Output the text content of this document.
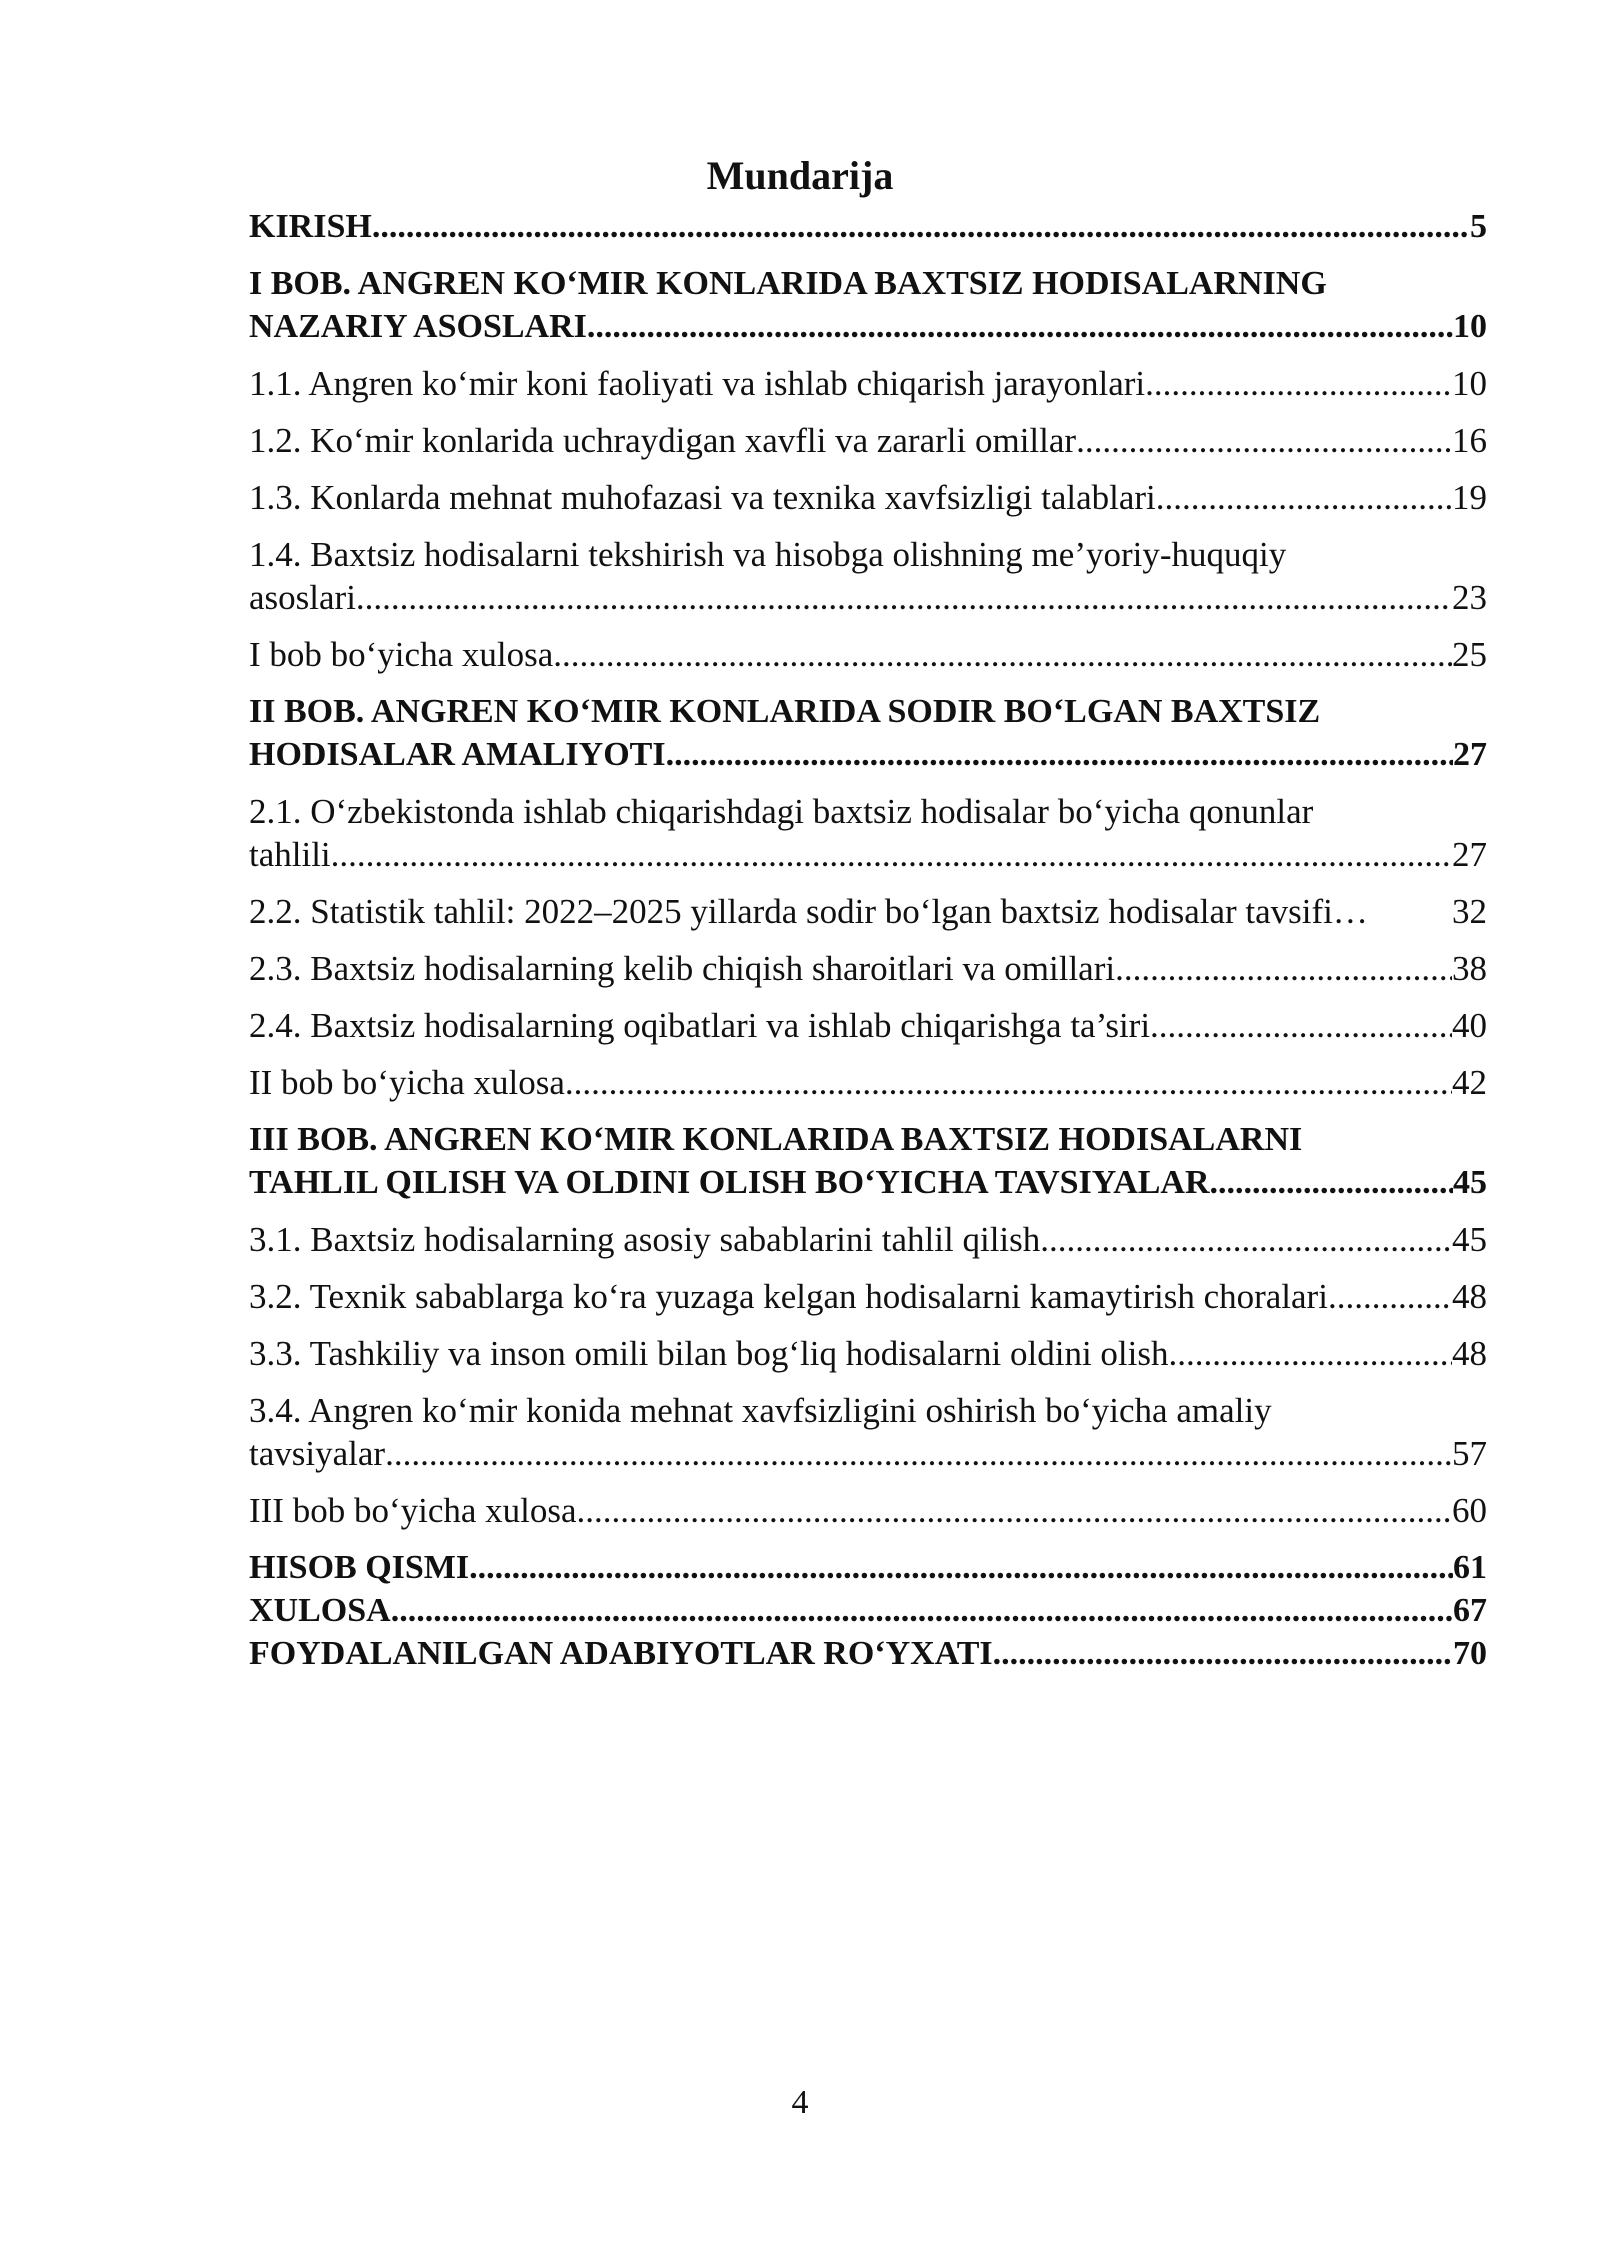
Mundarija
KIRISH .....	5
I BOB. ANGREN KO‘MIR KONLARIDA BAXTSIZ HODISALARNING
NAZARIY ASOSLARI .....	10
1.1. Angren ko‘mir koni faoliyati va ishlab chiqarish jarayonlari .....	10
1.2. Ko‘mir konlarida uchraydigan xavfli va zararli omillar .....	16
1.3. Konlarda mehnat muhofazasi va texnika xavfsizligi talablari .....	19
1.4. Baxtsiz hodisalarni tekshirish va hisobga olishning me’yoriy-huquqiy
asoslari .....	23
I bob bo‘yicha xulosa .....	25
II BOB. ANGREN KO‘MIR KONLARIDA SODIR BO‘LGAN BAXTSIZ
HODISALAR AMALIYOTI .....	27
2.1. O‘zbekistonda ishlab chiqarishdagi baxtsiz hodisalar bo‘yicha qonunlar
tahlili .....	27
2.2. Statistik tahlil: 2022–2025 yillarda sodir bo‘lgan baxtsiz hodisalar tavsifi …	32
2.3. Baxtsiz hodisalarning kelib chiqish sharoitlari va omillari .....	38
2.4. Baxtsiz hodisalarning oqibatlari va ishlab chiqarishga ta’siri .....	40
II bob bo‘yicha xulosa .....	42
III BOB. ANGREN KO‘MIR KONLARIDA BAXTSIZ HODISALARNI
TAHLIL QILISH VA OLDINI OLISH BO‘YICHA TAVSIYALAR .....	45
3.1. Baxtsiz hodisalarning asosiy sabablarini tahlil qilish .....	45
3.2. Texnik sabablarga ko‘ra yuzaga kelgan hodisalarni kamaytirish choralari .....	48
3.3. Tashkiliy va inson omili bilan bog‘liq hodisalarni oldini olish .....	48
3.4. Angren ko‘mir konida mehnat xavfsizligini oshirish bo‘yicha amaliy
tavsiyalar .....	57
III bob bo‘yicha xulosa .....	60
HISOB QISMI .....	61
XULOSA .....	67
FOYDALANILGAN ADABIYOTLAR RO‘YXATI .....	70
4
